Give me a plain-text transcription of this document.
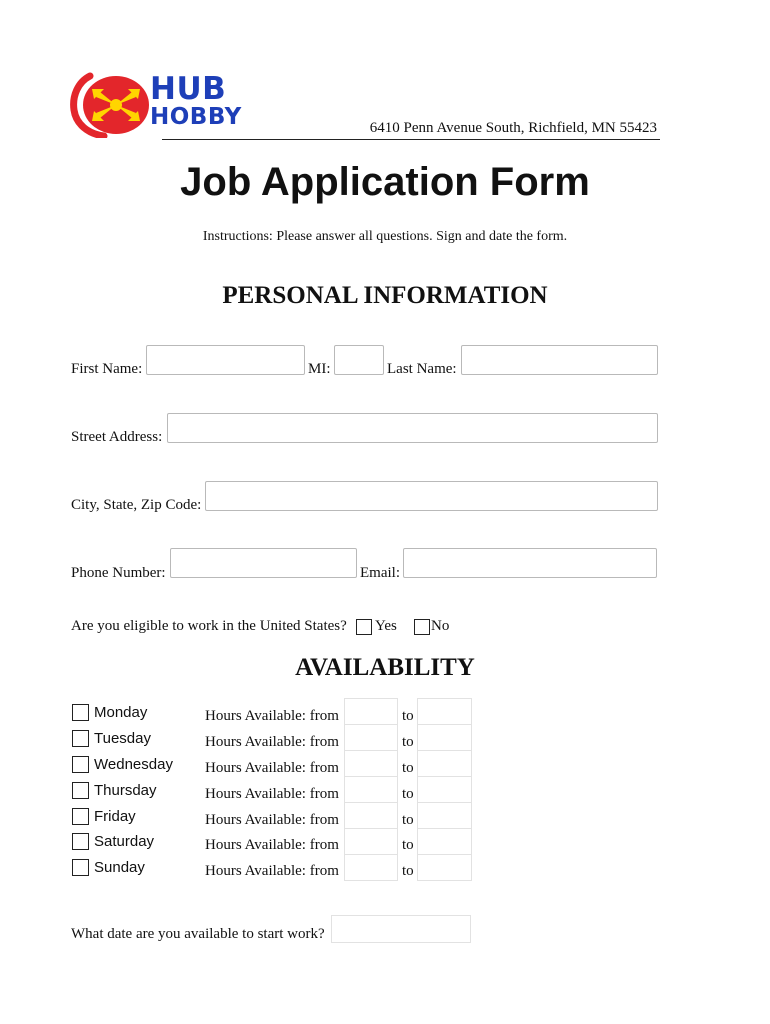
HUB
HOBBY	6410 Penn Avenue South, Richfield, MN 55423
Job Application Form
Instructions: Please answer all questions. Sign and date the form.
PERSONAL INFORMATION
First Name:	MI:	Last Name:
Street Address:
City, State, Zip Code:
Phone Number:	Email:
Are you eligible to work in the United States? Yes No
AVAILABILITY
Monday	Hours Available: from	to
Tuesday	Hours Available: from	to
Wednesday Hours Available: from	to
Thursday	Hours Available: from	to
Friday	Hours Available: from	to
Saturday	Hours Available: from	to
Sunday	Hours Available: from	to
What date are you available to start work?
